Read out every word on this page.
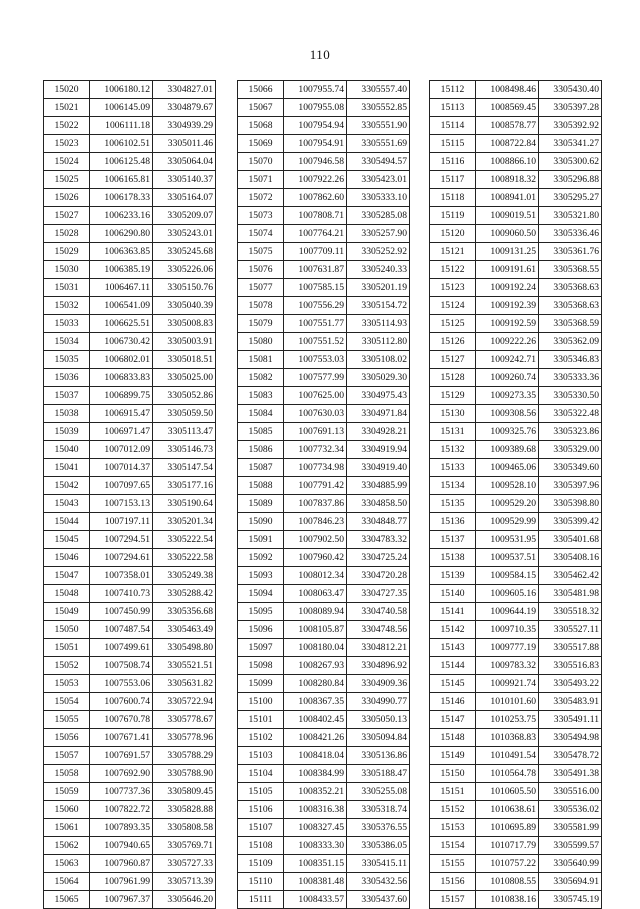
110
15020	1006180.12	3304827.01
15021	1006145.09	3304879.67
15022	1006111.18	3304939.29
15023	1006102.51	3305011.46
15024	1006125.48	3305064.04
15025	1006165.81	3305140.37
15026	1006178.33	3305164.07
15027	1006233.16	3305209.07
15028	1006290.80	3305243.01
15029	1006363.85	3305245.68
15030	1006385.19	3305226.06
15031	1006467.11	3305150.76
15032	1006541.09	3305040.39
15033	1006625.51	3305008.83
15034	1006730.42	3305003.91
15035	1006802.01	3305018.51
15036	1006833.83	3305025.00
15037	1006899.75	3305052.86
15038	1006915.47	3305059.50
15039	1006971.47	3305113.47
15040	1007012.09	3305146.73
15041	1007014.37	3305147.54
15042	1007097.65	3305177.16
15043	1007153.13	3305190.64
15044	1007197.11	3305201.34
15045	1007294.51	3305222.54
15046	1007294.61	3305222.58
15047	1007358.01	3305249.38
15048	1007410.73	3305288.42
15049	1007450.99	3305356.68
15050	1007487.54	3305463.49
15051	1007499.61	3305498.80
15052	1007508.74	3305521.51
15053	1007553.06	3305631.82
15054	1007600.74	3305722.94
15055	1007670.78	3305778.67
15056	1007671.41	3305778.96
15057	1007691.57	3305788.29
15058	1007692.90	3305788.90
15059	1007737.36	3305809.45
15060	1007822.72	3305828.88
15061	1007893.35	3305808.58
15062	1007940.65	3305769.71
15063	1007960.87	3305727.33
15064	1007961.99	3305713.39
15065	1007967.37	3305646.20
15066	1007955.74	3305557.40
15067	1007955.08	3305552.85
15068	1007954.94	3305551.90
15069	1007954.91	3305551.69
15070	1007946.58	3305494.57
15071	1007922.26	3305423.01
15072	1007862.60	3305333.10
15073	1007808.71	3305285.08
15074	1007764.21	3305257.90
15075	1007709.11	3305252.92
15076	1007631.87	3305240.33
15077	1007585.15	3305201.19
15078	1007556.29	3305154.72
15079	1007551.77	3305114.93
15080	1007551.52	3305112.80
15081	1007553.03	3305108.02
15082	1007577.99	3305029.30
15083	1007625.00	3304975.43
15084	1007630.03	3304971.84
15085	1007691.13	3304928.21
15086	1007732.34	3304919.94
15087	1007734.98	3304919.40
15088	1007791.42	3304885.99
15089	1007837.86	3304858.50
15090	1007846.23	3304848.77
15091	1007902.50	3304783.32
15092	1007960.42	3304725.24
15093	1008012.34	3304720.28
15094	1008063.47	3304727.35
15095	1008089.94	3304740.58
15096	1008105.87	3304748.56
15097	1008180.04	3304812.21
15098	1008267.93	3304896.92
15099	1008280.84	3304909.36
15100	1008367.35	3304990.77
15101	1008402.45	3305050.13
15102	1008421.26	3305094.84
15103	1008418.04	3305136.86
15104	1008384.99	3305188.47
15105	1008352.21	3305255.08
15106	1008316.38	3305318.74
15107	1008327.45	3305376.55
15108	1008333.30	3305386.05
15109	1008351.15	3305415.11
15110	1008381.48	3305432.56
15111	1008433.57	3305437.60
15112	1008498.46	3305430.40
15113	1008569.45	3305397.28
15114	1008578.77	3305392.92
15115	1008722.84	3305341.27
15116	1008866.10	3305300.62
15117	1008918.32	3305296.88
15118	1008941.01	3305295.27
15119	1009019.51	3305321.80
15120	1009060.50	3305336.46
15121	1009131.25	3305361.76
15122	1009191.61	3305368.55
15123	1009192.24	3305368.63
15124	1009192.39	3305368.63
15125	1009192.59	3305368.59
15126	1009222.26	3305362.09
15127	1009242.71	3305346.83
15128	1009260.74	3305333.36
15129	1009273.35	3305330.50
15130	1009308.56	3305322.48
15131	1009325.76	3305323.86
15132	1009389.68	3305329.00
15133	1009465.06	3305349.60
15134	1009528.10	3305397.96
15135	1009529.20	3305398.80
15136	1009529.99	3305399.42
15137	1009531.95	3305401.68
15138	1009537.51	3305408.16
15139	1009584.15	3305462.42
15140	1009605.16	3305481.98
15141	1009644.19	3305518.32
15142	1009710.35	3305527.11
15143	1009777.19	3305517.88
15144	1009783.32	3305516.83
15145	1009921.74	3305493.22
15146	1010101.60	3305483.91
15147	1010253.75	3305491.11
15148	1010368.83	3305494.98
15149	1010491.54	3305478.72
15150	1010564.78	3305491.38
15151	1010605.50	3305516.00
15152	1010638.61	3305536.02
15153	1010695.89	3305581.99
15154	1010717.79	3305599.57
15155	1010757.22	3305640.99
15156	1010808.55	3305694.91
15157	1010838.16	3305745.19
